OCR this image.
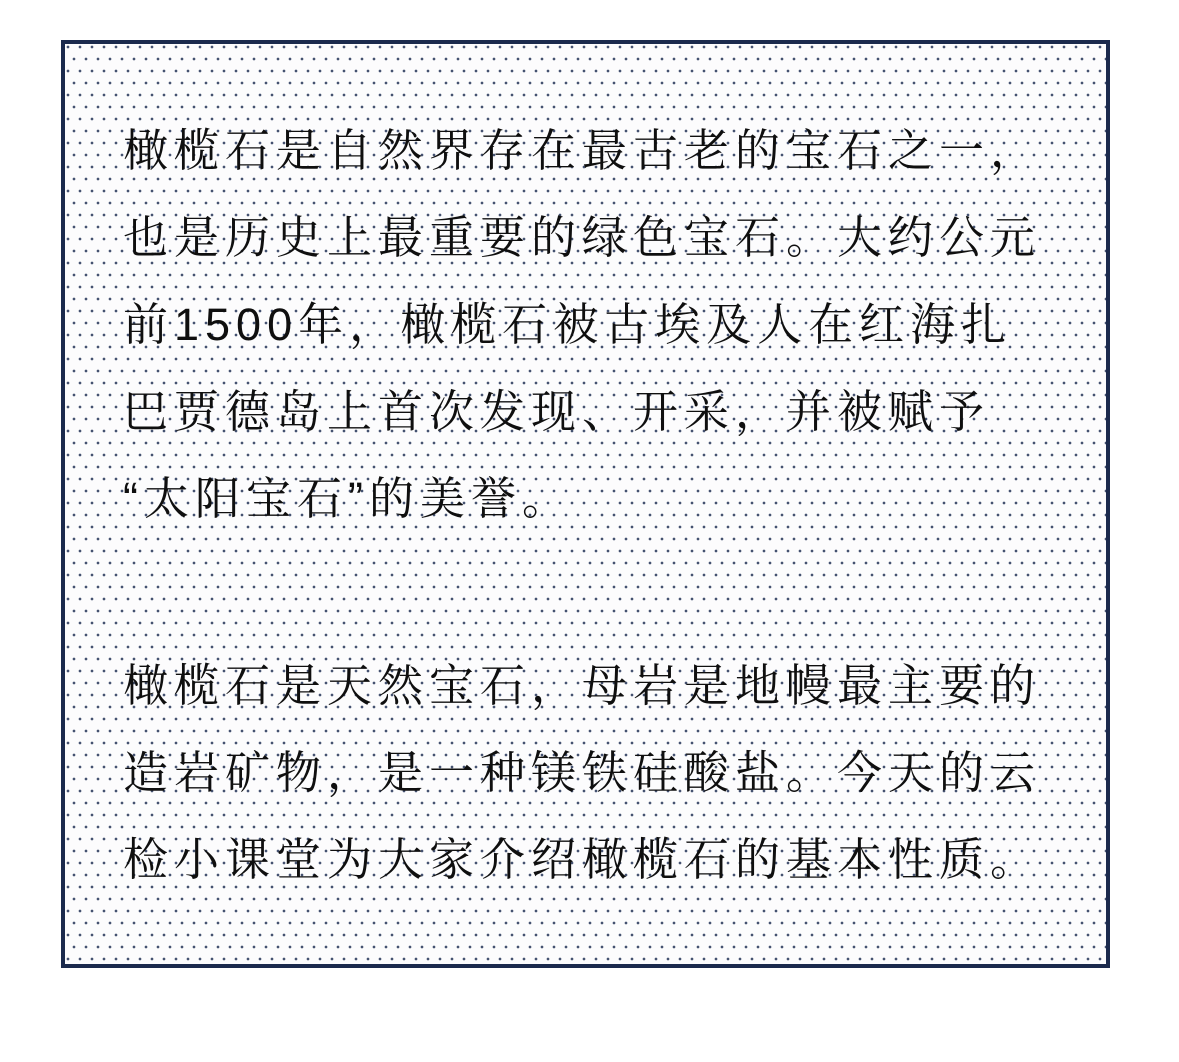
橄榄石是自然界存在最古老的宝石之一，
也是历史上最重要的绿色宝石。大约公元
前1500年，橄榄石被古埃及人在红海扎
巴贾德岛上首次发现、开采，并被赋予
“太阳宝石”的美誉。
橄榄石是天然宝石，母岩是地幔最主要的
造岩矿物，是一种镁铁硅酸盐。今天的云
检小课堂为大家介绍橄榄石的基本性质。
